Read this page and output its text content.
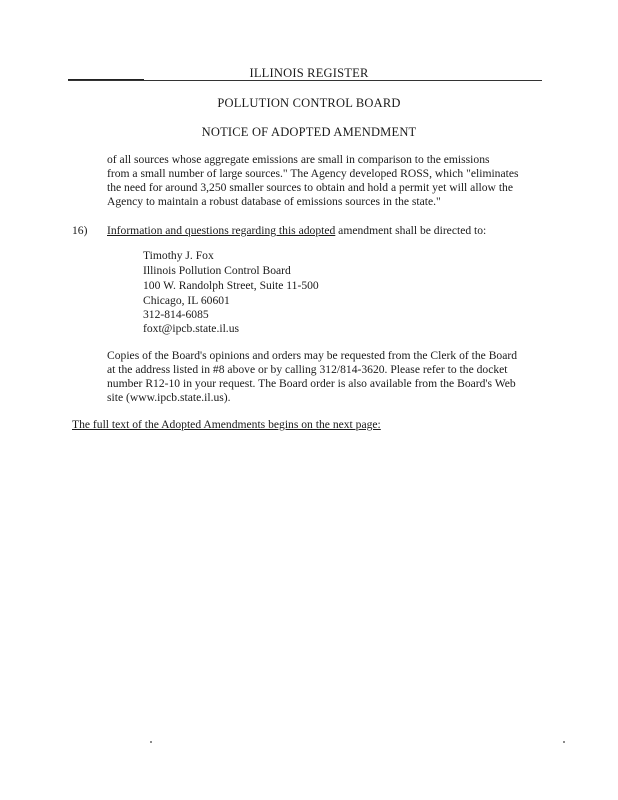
ILLINOIS REGISTER
POLLUTION CONTROL BOARD
NOTICE OF ADOPTED AMENDMENT
of all sources whose aggregate emissions are small in comparison to the emissions
from a small number of large sources." The Agency developed ROSS, which "eliminates
the need for around 3,250 smaller sources to obtain and hold a permit yet will allow the
Agency to maintain a robust database of emissions sources in the state."
16) Information and questions regarding this adopted amendment shall be directed to:
Timothy J. Fox
Illinois Pollution Control Board
100 W. Randolph Street, Suite 11-500
Chicago, IL 60601
312-814-6085
foxt@ipcb.state.il.us
Copies of the Board's opinions and orders may be requested from the Clerk of the Board
at the address listed in #8 above or by calling 312/814-3620. Please refer to the docket
number R12-10 in your request. The Board order is also available from the Board's Web
site (www.ipcb.state.il.us).
The full text of the Adopted Amendments begins on the next page:
